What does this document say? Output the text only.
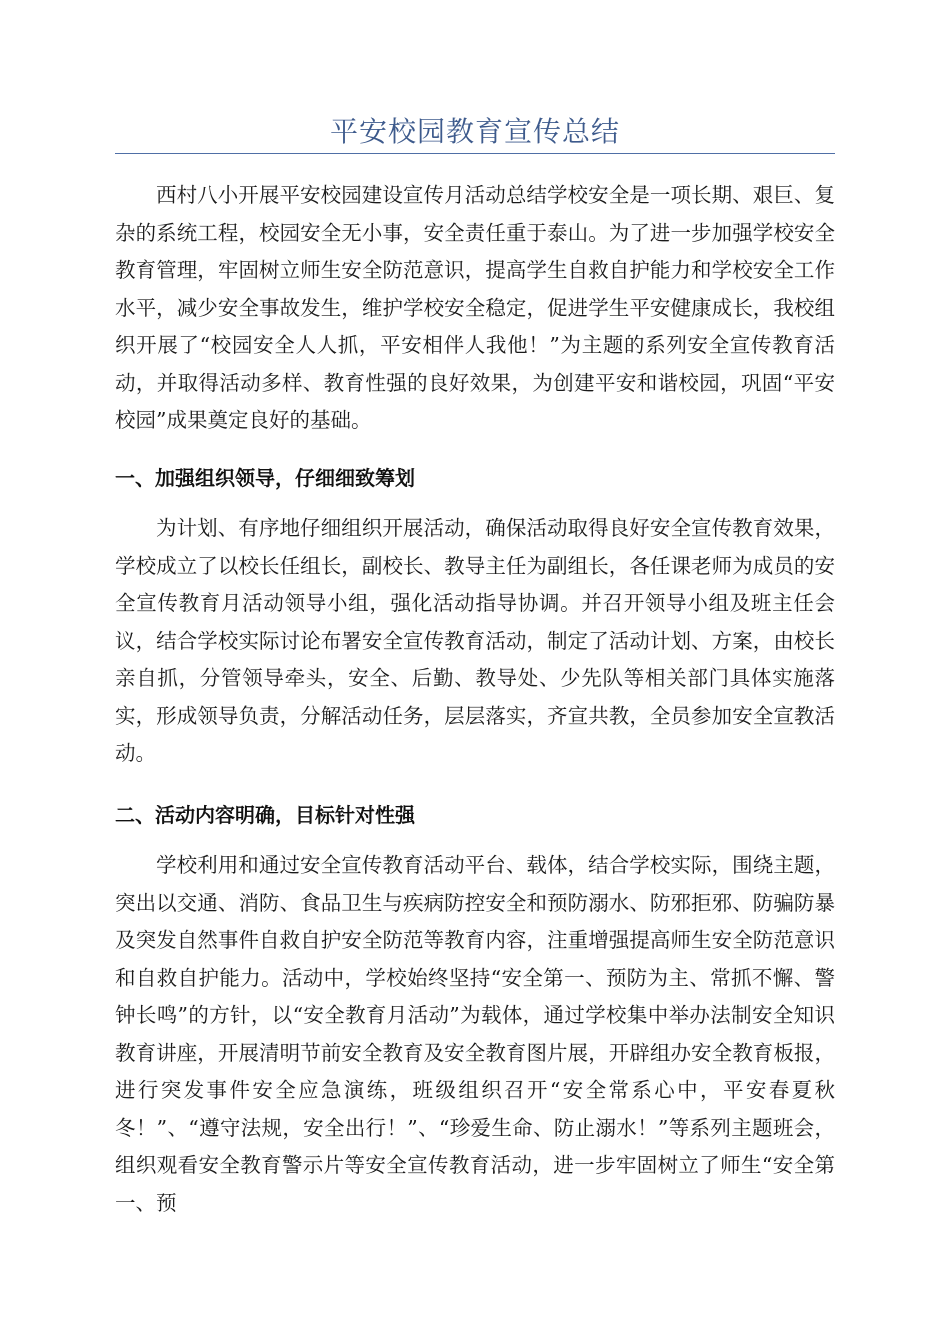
平安校园教育宣传总结

西村八小开展平安校园建设宣传月活动总结学校安全是一项长期、艰巨、复杂的系统工程，校园安全无小事，安全责任重于泰山。为了进一步加强学校安全教育管理，牢固树立师生安全防范意识，提高学生自救自护能力和学校安全工作水平，减少安全事故发生，维护学校安全稳定，促进学生平安健康成长，我校组织开展了“校园安全人人抓，平安相伴人我他！”为主题的系列安全宣传教育活动，并取得活动多样、教育性强的良好效果，为创建平安和谐校园，巩固“平安校园”成果奠定良好的基础。

一、加强组织领导，仔细细致筹划

为计划、有序地仔细组织开展活动，确保活动取得良好安全宣传教育效果，学校成立了以校长任组长，副校长、教导主任为副组长，各任课老师为成员的安全宣传教育月活动领导小组，强化活动指导协调。并召开领导小组及班主任会议，结合学校实际讨论布署安全宣传教育活动，制定了活动计划、方案，由校长亲自抓，分管领导牵头，安全、后勤、教导处、少先队等相关部门具体实施落实，形成领导负责，分解活动任务，层层落实，齐宣共教，全员参加安全宣教活动。

二、活动内容明确，目标针对性强

学校利用和通过安全宣传教育活动平台、载体，结合学校实际，围绕主题，突出以交通、消防、食品卫生与疾病防控安全和预防溺水、防邪拒邪、防骗防暴及突发自然事件自救自护安全防范等教育内容，注重增强提高师生安全防范意识和自救自护能力。活动中，学校始终坚持“安全第一、预防为主、常抓不懈、警钟长鸣”的方针，以“安全教育月活动”为载体，通过学校集中举办法制安全知识教育讲座，开展清明节前安全教育及安全教育图片展，开辟组办安全教育板报，进行突发事件安全应急演练，班级组织召开“安全常系心中，平安春夏秋冬！”、“遵守法规，安全出行！”、“珍爱生命、防止溺水！”等系列主题班会，组织观看安全教育警示片等安全宣传教育活动，进一步牢固树立了师生“安全第一、预
